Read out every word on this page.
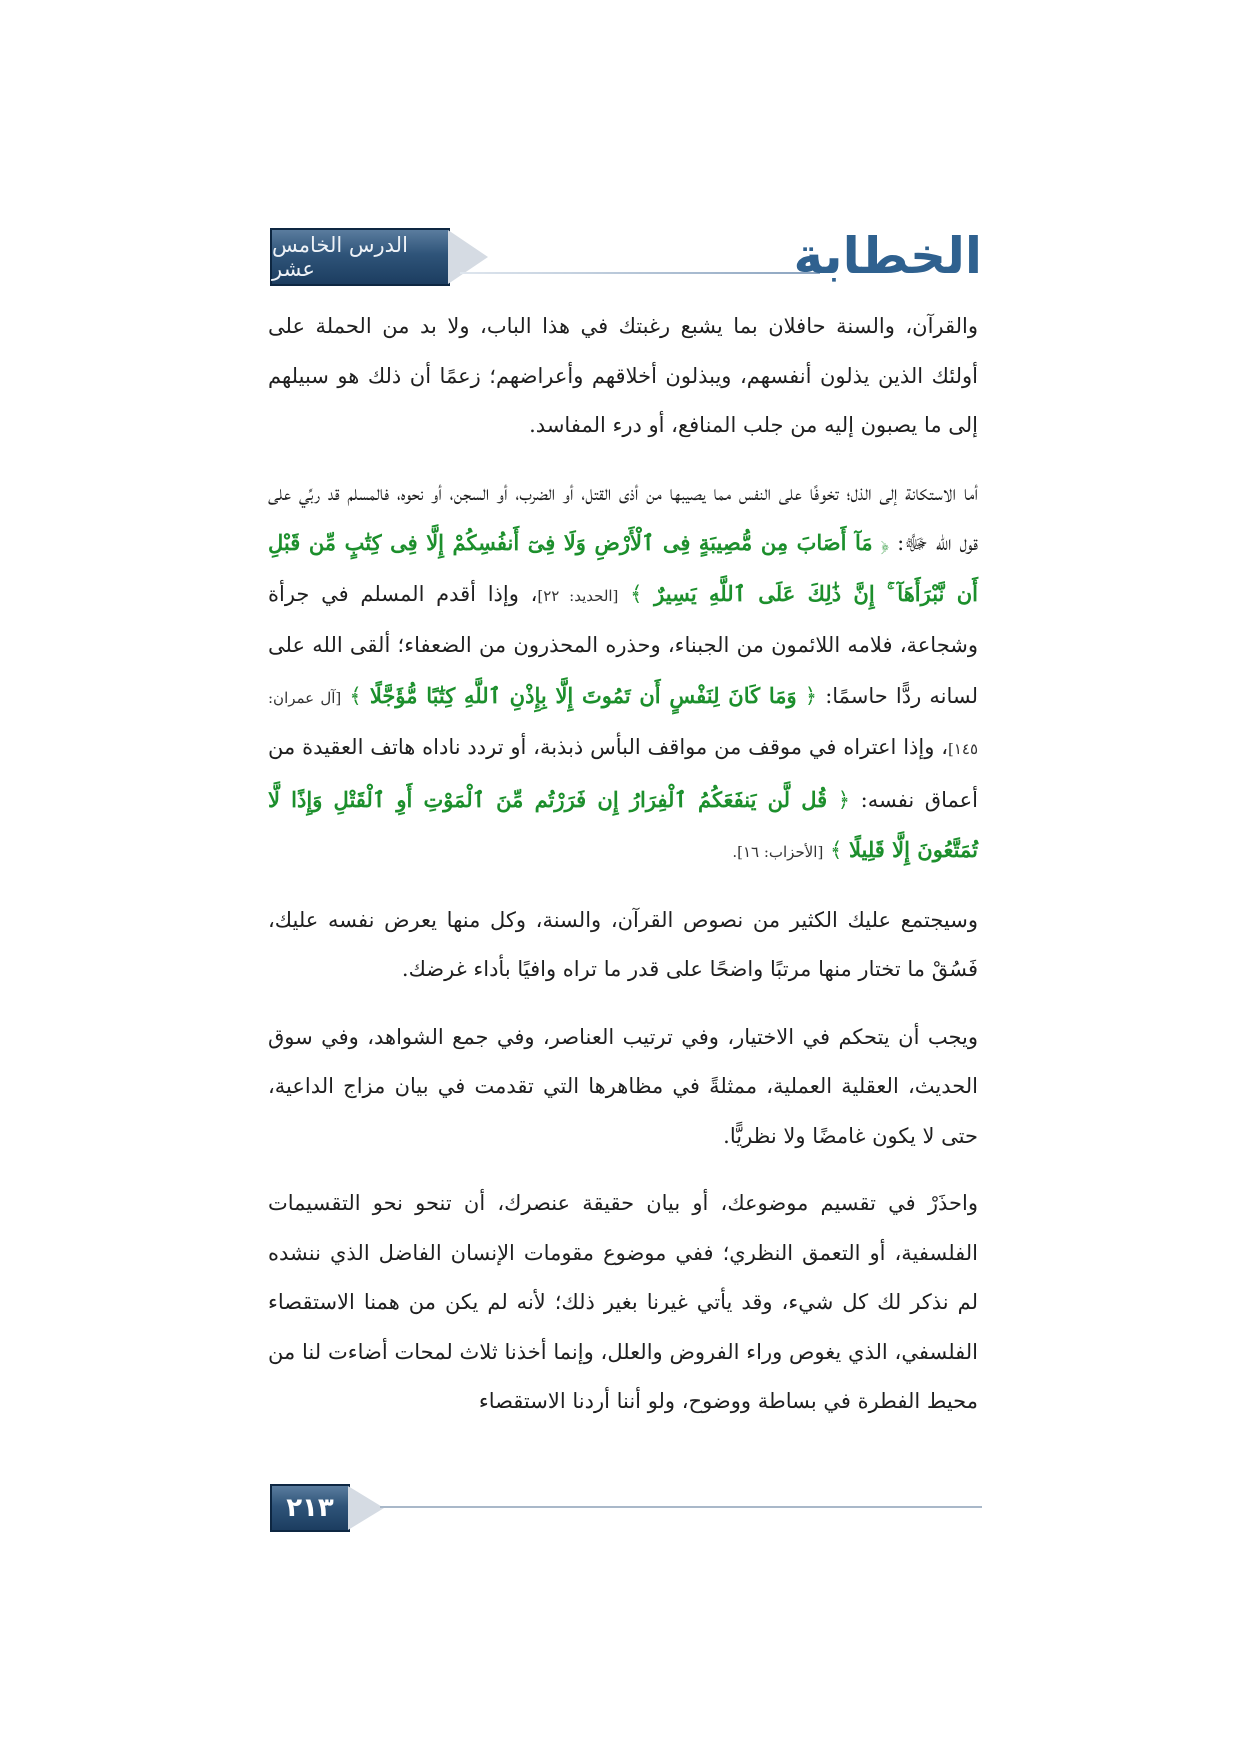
الدرس الخامس عشر	الخطابة

والقرآن، والسنة حافلان بما يشبع رغبتك في هذا الباب، ولا بد من الحملة على أولئك الذين يذلون أنفسهم، ويبذلون أخلاقهم وأعراضهم؛ زعمًا أن ذلك هو سبيلهم إلى ما يصبون إليه من جلب المنافع، أو درء المفاسد.

أما الاستكانة إلى الذل؛ تخوفًا على النفس مما يصيبها من أذى القتل، أو الضرب، أو السجن، أو نحوه، فالمسلم قد ربِّي على قول الله ﷻ: ﴿ مَآ أَصَابَ مِن مُّصِيبَةٍ فِى ٱلْأَرْضِ وَلَا فِىٓ أَنفُسِكُمْ إِلَّا فِى كِتَٰبٍ مِّن قَبْلِ أَن نَّبْرَأَهَآ ۚ إِنَّ ذَٰلِكَ عَلَى ٱللَّهِ يَسِيرٌ ﴾ [الحديد: ٢٢]، وإذا أقدم المسلم في جرأة وشجاعة، فلامه اللائمون من الجبناء، وحذره المحذرون من الضعفاء؛ ألقى الله على لسانه ردًّا حاسمًا: ﴿ وَمَا كَانَ لِنَفْسٍ أَن تَمُوتَ إِلَّا بِإِذْنِ ٱللَّهِ كِتَٰبًا مُّؤَجَّلًا ﴾ [آل عمران: ١٤٥]، وإذا اعتراه في موقف من مواقف البأس ذبذبة، أو تردد ناداه هاتف العقيدة من أعماق نفسه: ﴿ قُل لَّن يَنفَعَكُمُ ٱلْفِرَارُ إِن فَرَرْتُم مِّنَ ٱلْمَوْتِ أَوِ ٱلْقَتْلِ وَإِذًا لَّا تُمَتَّعُونَ إِلَّا قَلِيلًا ﴾ [الأحزاب: ١٦].

وسيجتمع عليك الكثير من نصوص القرآن، والسنة، وكل منها يعرض نفسه عليك، فَسُقْ ما تختار منها مرتبًا واضحًا على قدر ما تراه وافيًا بأداء غرضك.

ويجب أن يتحكم في الاختيار، وفي ترتيب العناصر، وفي جمع الشواهد، وفي سوق الحديث، العقلية العملية، ممثلةً في مظاهرها التي تقدمت في بيان مزاج الداعية، حتى لا يكون غامضًا ولا نظريًّا.

واحذَرْ في تقسيم موضوعك، أو بيان حقيقة عنصرك، أن تنحو نحو التقسيمات الفلسفية، أو التعمق النظري؛ ففي موضوع مقومات الإنسان الفاضل الذي ننشده لم نذكر لك كل شيء، وقد يأتي غيرنا بغير ذلك؛ لأنه لم يكن من همنا الاستقصاء الفلسفي، الذي يغوص وراء الفروض والعلل، وإنما أخذنا ثلاث لمحات أضاءت لنا من محيط الفطرة في بساطة ووضوح، ولو أننا أردنا الاستقصاء

٢١٣
